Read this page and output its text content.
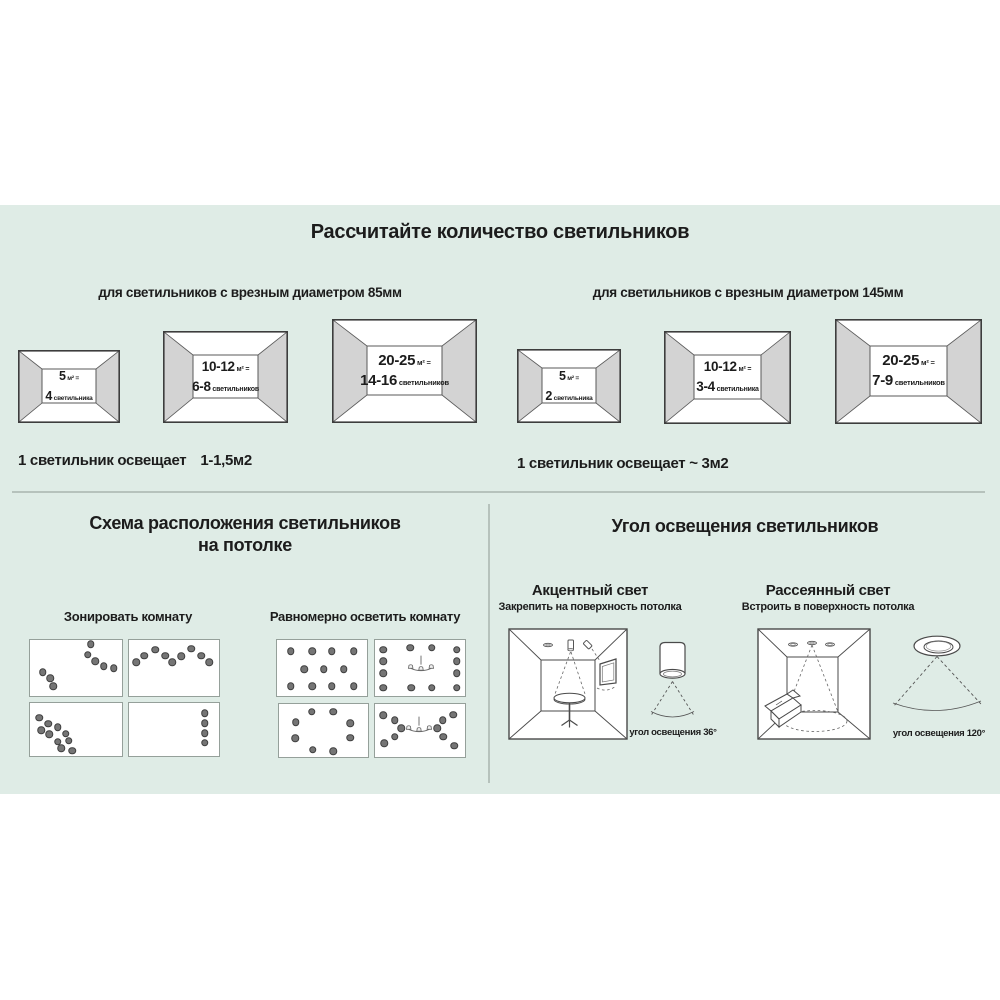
Рассчитайте количество светильников
для светильников с врезным диаметром 85мм	для светильников с врезным диаметром 145мм
5 м² =
4 светильника
10-12 м² =
6-8 светильников
20-25 м² =
14-16 светильников	5 м² =
2 светильника
10-12 м² =
3-4 светильника
20-25 м² =
7-9 светильников
1 светильник освещает 1-1,5м2	1 светильник освещает ~ 3м2
Схема расположения светильников
на потолке
Зонировать комнату	Равномерно осветить комнату
Угол освещения светильников
Акцентный свет
Закрепить на поверхность потолка
Рассеянный свет
Встроить в поверхность потолка
угол освещения 36°	угол освещения 120°
